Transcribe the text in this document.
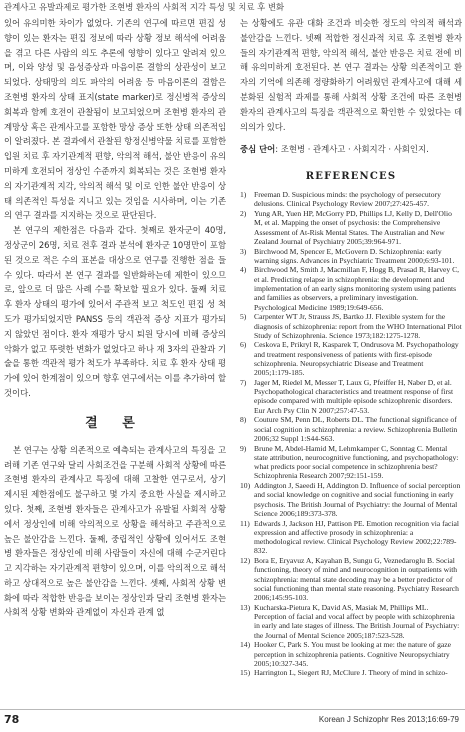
관계사고 유발과제로 평가한 조현병 환자의 사회적 지각 특성 및 치료 후 변화

있어 유의미한 차이가 없었다. 기존의 연구에 따르면 편집 성향이 있는 환자는 편집 정보에 따라 상황 정보 해석에 어려움을 겪고 다른 사람의 의도 추론에 영향이 있다고 알려져 있으며, 이와 양성 및 음성증상과 마음이론 결함의 상관성이 보고되었다. 상태망의 의도 파악의 어려움 등 마음이론의 결함은 조현병 환자의 상태 표지(state marker)로 정신병적 증상의 회복과 함께 호전이 관찰됨이 보고되었으며 조현병 환자의 관계망상 혹은 관계사고를 포함한 망상 증상 또한 상태 의존적임이 알려졌다. 본 결과에서 관찰된 항정신병약물 치료를 포함한 입원 치료 후 자기관계적 편향, 악의적 해석, 불안 반응이 유의미하게 호전되어 정상인 수준까지 회복되는 것은 조현병 환자의 자기관계적 지각, 악의적 해석 및 이로 인한 불안 반응이 상태 의존적인 특성을 지니고 있는 것임을 시사하며, 이는 기존의 연구 결과를 지지하는 것으로 판단된다.

본 연구의 제한점은 다음과 같다. 첫째로 환자군이 40명, 정상군이 26명, 치료 전후 결과 분석에 환자군 10명만이 포함된 것으로 적은 수의 표본을 대상으로 연구를 진행한 점을 들 수 있다. 따라서 본 연구 결과를 일반화하는데 제한이 있으므로, 앞으로 더 많은 사례 수를 확보할 필요가 있다. 둘째 치료 후 환자 상태의 평가에 있어서 주관적 보고 척도인 편집 성 척도가 평가되었지만 PANSS 등의 객관적 증상 지표가 평가되지 않았던 점이다. 환자 재평가 당시 퇴원 당시에 비해 증상의 악화가 없고 뚜렷한 변화가 없었다고 하나 재 3자의 관찰과 기술을 통한 객관적 평가 척도가 부족하다. 치료 후 환자 상태 평가에 있어 한계점이 있으며 향후 연구에서는 이를 추가하여 할 것이다.

결 론

본 연구는 상황 의존적으로 예측되는 관계사고의 특징을 고려해 기존 연구와 달리 사회조건을 구분해 사회적 상황에 따른 조현병 환자의 관계사고 특징에 대해 고찰한 연구로서, 상기 제시된 제한점에도 불구하고 몇 가지 중요한 사실을 제시하고 있다. 첫째, 조현병 환자들은 관계사고가 유발될 사회적 상황에서 정상인에 비해 악의적으로 상황을 해석하고 주관적으로 높은 불안감을 느낀다. 둘째, 중립적인 상황에 있어서도 조현병 환자들은 정상인에 비해 사람들이 자신에 대해 수군거린다고 지각하는 자기관계적 편향이 있으며, 이를 악의적으로 해석하고 상대적으로 높은 불안감을 느낀다. 셋째, 사회적 상황 변화에 따라 적합한 반응을 보이는 정상인과 달리 조현병 환자는 사회적 상황 변화와 관계없이 자신과 관계 없

는 상황에도 유관 대화 조건과 비슷한 정도의 악의적 해석과 불안감을 느낀다. 넷째 적합한 정신과적 치료 후 조현병 환자들의 자기관계적 편향, 악의적 해석, 불안 반응은 치료 전에 비해 유의미하게 호전된다. 본 연구 결과는 상황 의존적이고 환자의 기억에 의존해 정량화하기 어려웠던 관계사고에 대해 세분화된 실험적 과제를 통해 사회적 상황 조건에 따른 조현병 환자의 관계사고의 특징을 객관적으로 확인한 수 있었다는 데 의의가 있다.

중심 단어: 조현병 · 관계사고 · 사회지각 · 사회인지.

REFERENCES
1) Freeman D. Suspicious minds: the psychology of persecutory delusions. Clinical Psychology Review 2007;27:425-457.
2) Yung AR, Yuen HP, McGorry PD, Phillips LJ, Kelly D, Dell'Olio M, et al. Mapping the onset of psychosis: the Comprehensive Assessment of At-Risk Mental States. The Australian and New Zealand Journal of Psychiatry 2005;39:964-971.
3) Birchwood M, Spencer E, McGovern D. Schizophrenia: early warning signs. Advances in Psychiatric Treatment 2000;6:93-101.
4) Birchwood M, Smith J, Macmillan F, Hogg B, Prasad R, Harvey C, et al. Predicting relapse in schizophrenia: the development and implementation of an early signs monitoring system using patients and families as observers, a preliminary investigation. Psychological Medicine 1989;19:649-656.
5) Carpenter WT Jr, Strauss JS, Bartko JJ. Flexible system for the diagnosis of schizophrenia: report from the WHO International Pilot Study of Schizophrenia. Science 1973;182:1275-1278.
6) Ceskova E, Prikryl R, Kasparek T, Ondrusova M. Psychopathology and treatment responsiveness of patients with first-episode schizophrenia. Neuropsychiatric Disease and Treatment 2005;1:179-185.
7) Jager M, Riedel M, Messer T, Laux G, Pfeiffer H, Naber D, et al. Psychopathological characteristics and treatment response of first episode compared with multiple episode schizophrenic disorders. Eur Arch Psy Clin N 2007;257:47-53.
8) Couture SM, Penn DL, Roberts DL. The functional significance of social cognition in schizophrenia: a review. Schizophrenia Bulletin 2006;32 Suppl 1:S44-S63.
9) Brune M, Abdel-Hamid M, Lehmkamper C, Sonntag C. Mental state attribution, neurocognitive functioning, and psychopathology: what predicts poor social competence in schizophrenia best? Schizophrenia Research 2007;92:151-159.
10) Addington J, Saeedi H, Addington D. Influence of social perception and social knowledge on cognitive and social functioning in early psychosis. The British Journal of Psychiatry: the Journal of Mental Science 2006;189:373-378.
11) Edwards J, Jackson HJ, Pattison PE. Emotion recognition via facial expression and affective prosody in schizophrenia: a methodological review. Clinical Psychology Review 2002;22:789-832.
12) Bora E, Eryavuz A, Kayahan B, Sungu G, Veznedaroglu B. Social functioning, theory of mind and neurocognition in outpatients with schizophrenia: mental state decoding may be a better predictor of social functioning than mental state reasoning. Psychiatry Research 2006;145:95-103.
13) Kucharska-Pietura K, David AS, Masiak M, Phillips ML. Perception of facial and vocal affect by people with schizophrenia in early and late stages of illness. The British Journal of Psychiatry: the Journal of Mental Science 2005;187:523-528.
14) Hooker C, Park S. You must be looking at me: the nature of gaze perception in schizophrenia patients. Cognitive Neuropsychiatry 2005;10:327-345.
15) Harrington L, Siegert RJ, McClure J. Theory of mind in schizo-
78	Korean J Schizophr Res 2013;16:69-79
